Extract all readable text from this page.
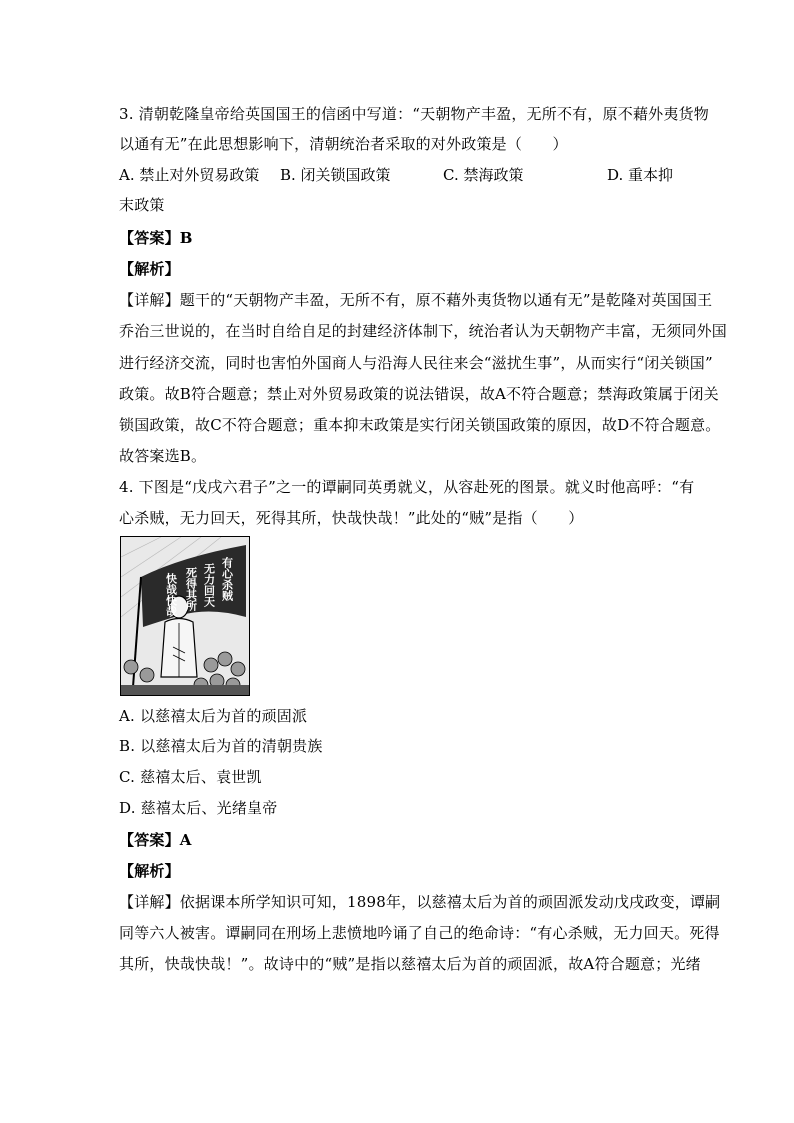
3. 清朝乾隆皇帝给英国国王的信函中写道：“天朝物产丰盈，无所不有，原不藉外夷货物
以通有无”在此思想影响下，清朝统治者采取的对外政策是（　　）
A. 禁止对外贸易政策 B. 闭关锁国政策	C. 禁海政策	D. 重本抑
末政策
【答案】B
【解析】
【详解】题干的“天朝物产丰盈，无所不有，原不藉外夷货物以通有无”是乾隆对英国国王
乔治三世说的，在当时自给自足的封建经济体制下，统治者认为天朝物产丰富，无须同外国
进行经济交流，同时也害怕外国商人与沿海人民往来会“滋扰生事”，从而实行“闭关锁国”
政策。故B符合题意；禁止对外贸易政策的说法错误，故A不符合题意；禁海政策属于闭关
锁国政策，故C不符合题意；重本抑末政策是实行闭关锁国政策的原因，故D不符合题意。
故答案选B。
4. 下图是“戊戌六君子”之一的谭嗣同英勇就义，从容赴死的图景。就义时他高呼：“有
心杀贼，无力回天，死得其所，快哉快哉！”此处的“贼”是指（　　）
有心杀贼
无力回天
死得其所
快哉快哉
A. 以慈禧太后为首的顽固派
B. 以慈禧太后为首的清朝贵族
C. 慈禧太后、袁世凯
D. 慈禧太后、光绪皇帝
【答案】A
【解析】
【详解】依据课本所学知识可知，1898年，以慈禧太后为首的顽固派发动戊戌政变，谭嗣
同等六人被害。谭嗣同在刑场上悲愤地吟诵了自己的绝命诗：“有心杀贼，无力回天。死得
其所，快哉快哉！”。故诗中的“贼”是指以慈禧太后为首的顽固派，故A符合题意；光绪
